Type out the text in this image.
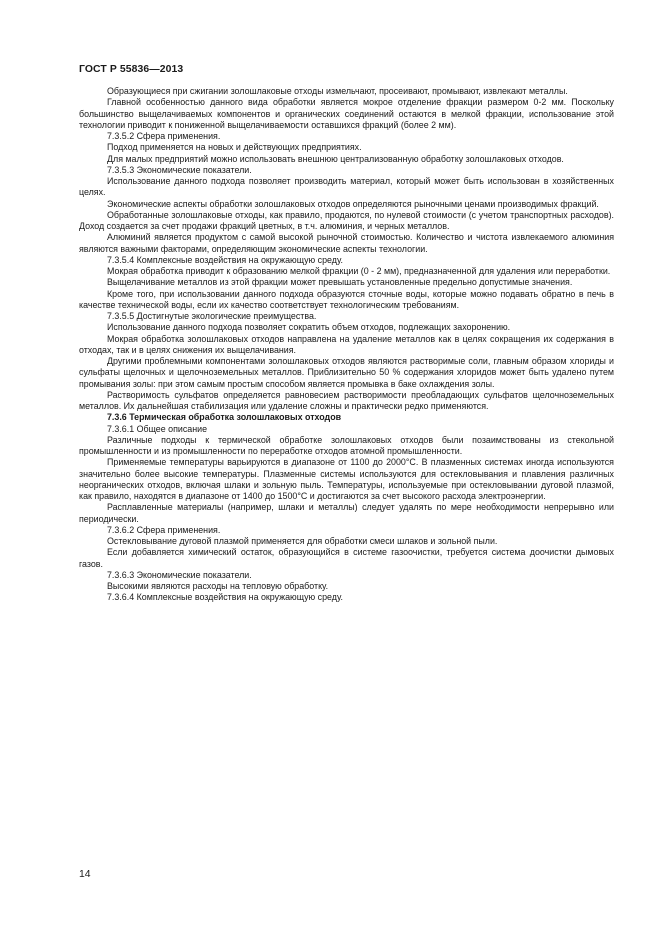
ГОСТ Р 55836—2013

Образующиеся при сжигании золошлаковые отходы измельчают, просеивают, промывают, извлекают металлы.

Главной особенностью данного вида обработки является мокрое отделение фракции размером 0-2 мм. Поскольку большинство выщелачиваемых компонентов и органических соединений остаются в мелкой фракции, использование этой технологии приводит к пониженной выщелачиваемости оставшихся фракций (более 2 мм).

7.3.5.2 Сфера применения.

Подход применяется на новых и действующих предприятиях.

Для малых предприятий можно использовать внешнюю централизованную обработку золошлаковых отходов.

7.3.5.3 Экономические показатели.

Использование данного подхода позволяет производить материал, который может быть использован в хозяйственных целях.

Экономические аспекты обработки золошлаковых отходов определяются рыночными ценами производимых фракций.

Обработанные золошлаковые отходы, как правило, продаются, по нулевой стоимости (с учетом транспортных расходов). Доход создается за счет продажи фракций цветных, в т.ч. алюминия, и черных металлов.

Алюминий является продуктом с самой высокой рыночной стоимостью. Количество и чистота извлекаемого алюминия являются важными факторами, определяющим экономические аспекты технологии.

7.3.5.4 Комплексные воздействия на окружающую среду.

Мокрая обработка приводит к образованию мелкой фракции (0 - 2 мм), предназначенной для удаления или переработки.

Выщелачивание металлов из этой фракции может превышать установленные предельно допустимые значения.

Кроме того, при использовании данного подхода образуются сточные воды, которые можно подавать обратно в печь в качестве технической воды, если их качество соответствует технологическим требованиям.

7.3.5.5 Достигнутые экологические преимущества.

Использование данного подхода позволяет сократить объем отходов, подлежащих захоронению.

Мокрая обработка золошлаковых отходов направлена на удаление металлов как в целях сокращения их содержания в отходах, так и в целях снижения их выщелачивания.

Другими проблемными компонентами золошлаковых отходов являются растворимые соли, главным образом хлориды и сульфаты щелочных и щелочноземельных металлов. Приблизительно 50 % содержания хлоридов может быть удалено путем промывания золы: при этом самым простым способом является промывка в баке охлаждения золы.

Растворимость сульфатов определяется равновесием растворимости преобладающих сульфатов щелочноземельных металлов. Их дальнейшая стабилизация или удаление сложны и практически редко применяются.

7.3.6 Термическая обработка золошлаковых отходов

7.3.6.1 Общее описание

Различные подходы к термической обработке золошлаковых отходов были позаимствованы из стекольной промышленности и из промышленности по переработке отходов атомной промышленности.

Применяемые температуры варьируются в диапазоне от 1100 до 2000°С. В плазменных системах иногда используются значительно более высокие температуры. Плазменные системы используются для остекловывания и плавления различных неорганических отходов, включая шлаки и зольную пыль. Температуры, используемые при остекловывании дуговой плазмой, как правило, находятся в диапазоне от 1400 до 1500°С и достигаются за счет высокого расхода электроэнергии.

Расплавленные материалы (например, шлаки и металлы) следует удалять по мере необходимости непрерывно или периодически.

7.3.6.2 Сфера применения.

Остекловывание дуговой плазмой применяется для обработки смеси шлаков и зольной пыли.

Если добавляется химический остаток, образующийся в системе газоочистки, требуется система доочистки дымовых газов.

7.3.6.3 Экономические показатели.

Высокими являются расходы на тепловую обработку.

7.3.6.4 Комплексные воздействия на окружающую среду.

14
